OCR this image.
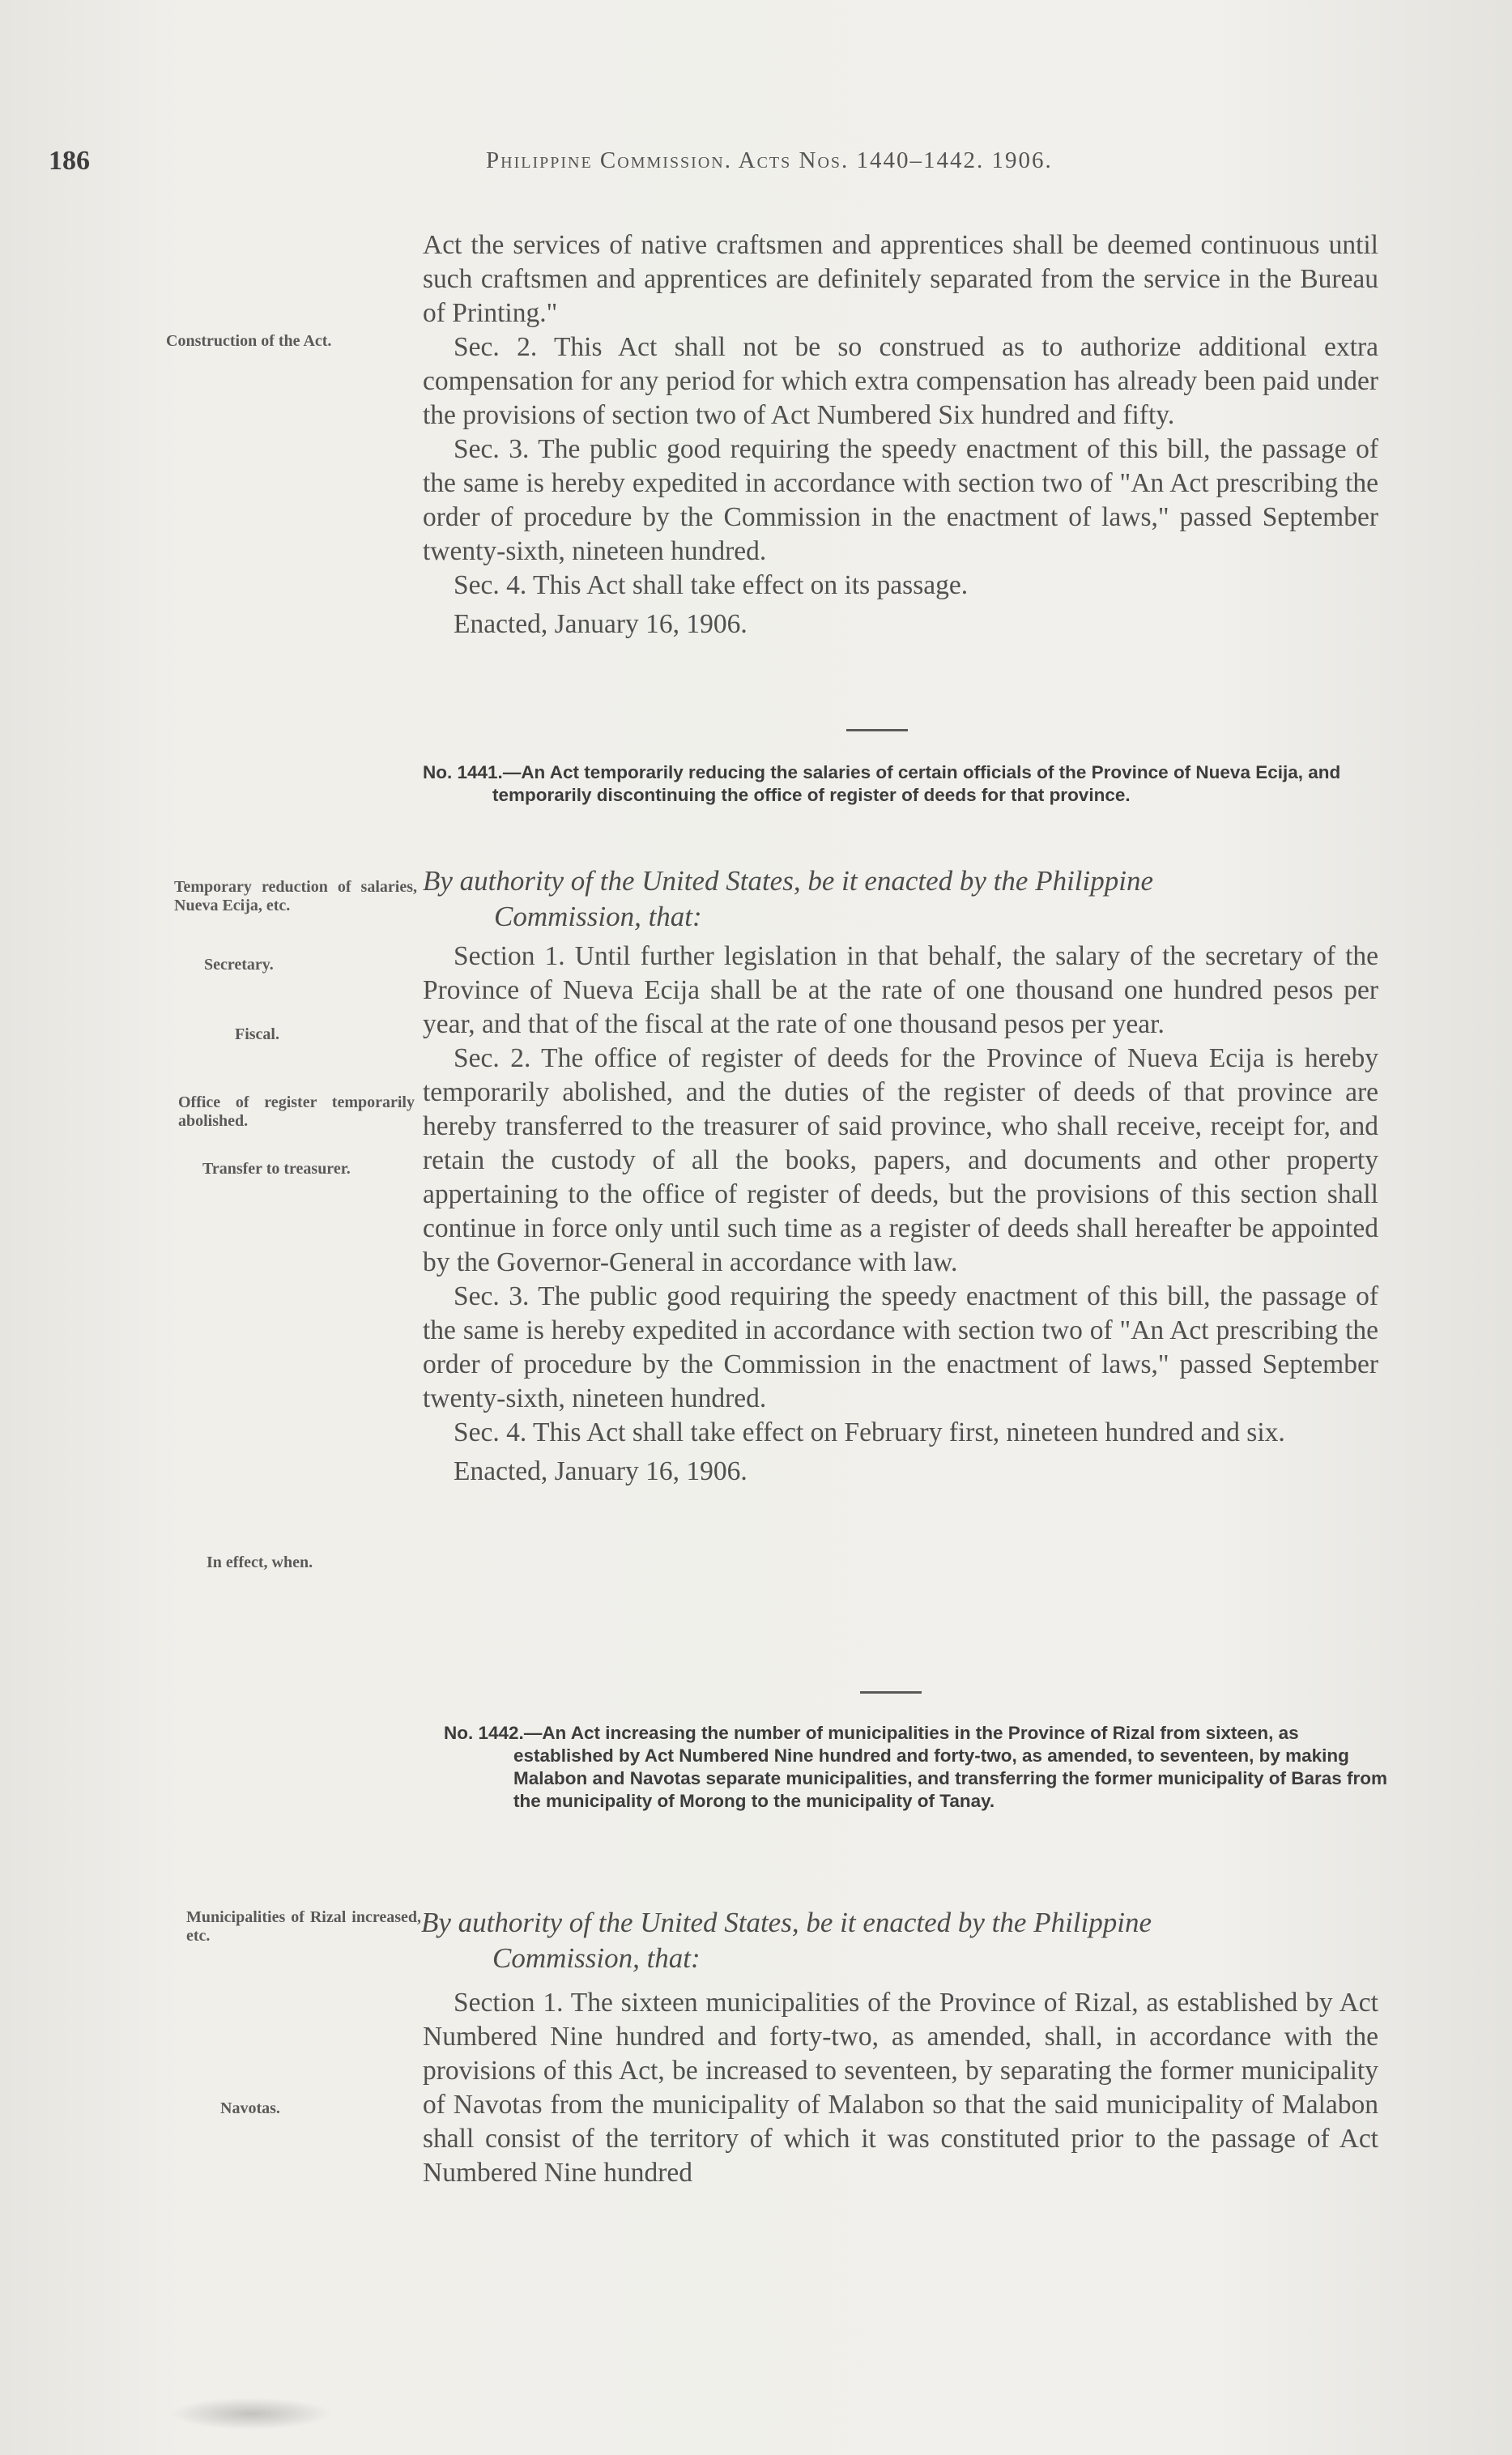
186	Philippine Commission. Acts Nos. 1440–1442. 1906.

Act the services of native craftsmen and apprentices shall be deemed continuous until such craftsmen and apprentices are definitely separated from the service in the Bureau of Printing."

Sec. 2. This Act shall not be so construed as to authorize additional extra compensation for any period for which extra compensation has already been paid under the provisions of section two of Act Numbered Six hundred and fifty.

Sec. 3. The public good requiring the speedy enactment of this bill, the passage of the same is hereby expedited in accordance with section two of "An Act prescribing the order of procedure by the Commission in the enactment of laws," passed September twenty-sixth, nineteen hundred.

Sec. 4. This Act shall take effect on its passage.

Enacted, January 16, 1906.

Construction of the Act.
No. 1441.—An Act temporarily reducing the salaries of certain officials of the Province of Nueva Ecija, and temporarily discontinuing the office of register of deeds for that province.
By authority of the United States, be it enacted by the Philippine
Commission, that:

Section 1. Until further legislation in that behalf, the salary of the secretary of the Province of Nueva Ecija shall be at the rate of one thousand one hundred pesos per year, and that of the fiscal at the rate of one thousand pesos per year.

Sec. 2. The office of register of deeds for the Province of Nueva Ecija is hereby temporarily abolished, and the duties of the register of deeds of that province are hereby transferred to the treasurer of said province, who shall receive, receipt for, and retain the custody of all the books, papers, and documents and other property appertaining to the office of register of deeds, but the provisions of this section shall continue in force only until such time as a register of deeds shall hereafter be appointed by the Governor-General in accordance with law.

Sec. 3. The public good requiring the speedy enactment of this bill, the passage of the same is hereby expedited in accordance with section two of "An Act prescribing the order of procedure by the Commission in the enactment of laws," passed September twenty-sixth, nineteen hundred.

Sec. 4. This Act shall take effect on February first, nineteen hundred and six.

Enacted, January 16, 1906.

Temporary reduction of salaries, Nueva Ecija, etc.
Secretary.
Fiscal.
Office of register temporarily abolished.
Transfer to treasurer.
In effect, when.
No. 1442.—An Act increasing the number of municipalities in the Province of Rizal from sixteen, as established by Act Numbered Nine hundred and forty-two, as amended, to seventeen, by making Malabon and Navotas separate municipalities, and transferring the former municipality of Baras from the municipality of Morong to the municipality of Tanay.
By authority of the United States, be it enacted by the Philippine
Commission, that:

Section 1. The sixteen municipalities of the Province of Rizal, as established by Act Numbered Nine hundred and forty-two, as amended, shall, in accordance with the provisions of this Act, be increased to seventeen, by separating the former municipality of Navotas from the municipality of Malabon so that the said municipality of Malabon shall consist of the territory of which it was constituted prior to the passage of Act Numbered Nine hundred

Municipalities of Rizal increased, etc.
Navotas.
